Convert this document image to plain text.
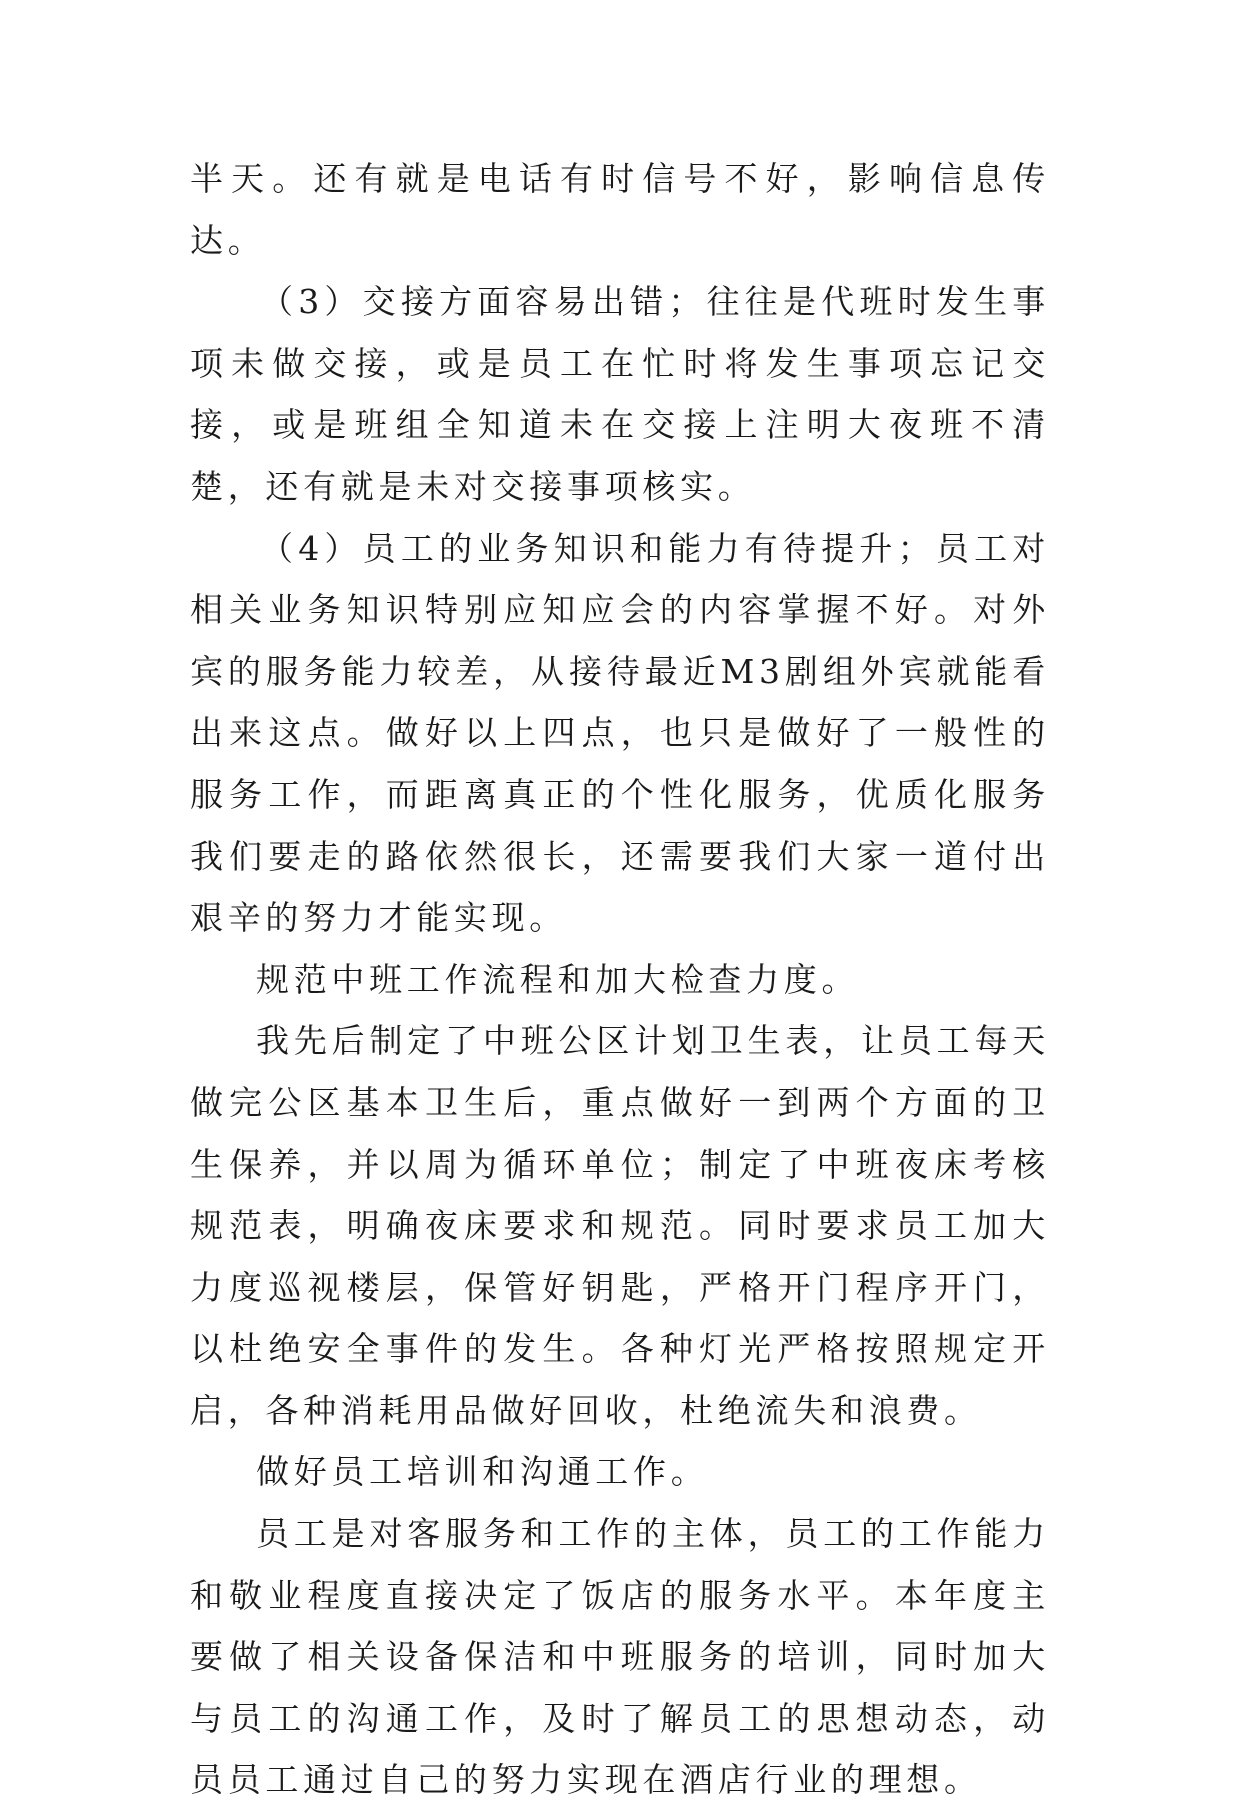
半天。还有就是电话有时信号不好，影响信息传达。

（3）交接方面容易出错；往往是代班时发生事项未做交接，或是员工在忙时将发生事项忘记交接，或是班组全知道未在交接上注明大夜班不清楚，还有就是未对交接事项核实。

（4）员工的业务知识和能力有待提升；员工对相关业务知识特别应知应会的内容掌握不好。对外宾的服务能力较差，从接待最近M3剧组外宾就能看出来这点。做好以上四点，也只是做好了一般性的服务工作，而距离真正的个性化服务，优质化服务我们要走的路依然很长，还需要我们大家一道付出艰辛的努力才能实现。

规范中班工作流程和加大检查力度。

我先后制定了中班公区计划卫生表，让员工每天做完公区基本卫生后，重点做好一到两个方面的卫生保养，并以周为循环单位；制定了中班夜床考核规范表，明确夜床要求和规范。同时要求员工加大力度巡视楼层，保管好钥匙，严格开门程序开门，以杜绝安全事件的发生。各种灯光严格按照规定开启，各种消耗用品做好回收，杜绝流失和浪费。

做好员工培训和沟通工作。

员工是对客服务和工作的主体，员工的工作能力和敬业程度直接决定了饭店的服务水平。本年度主要做了相关设备保洁和中班服务的培训，同时加大与员工的沟通工作，及时了解员工的思想动态，动员员工通过自己的努力实现在酒店行业的理想。
